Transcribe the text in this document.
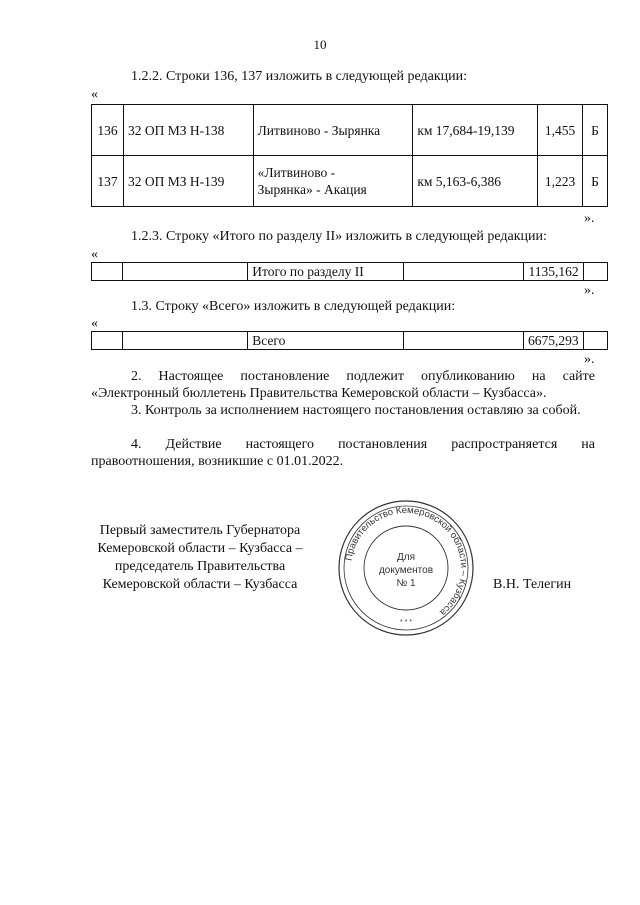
10
1.2.2. Строки 136, 137 изложить в следующей редакции:
«
136	32 ОП МЗ Н-138	Литвиново - Зырянка	км 17,684-19,139	1,455	Б
137	32 ОП МЗ Н-139	«Литвиново -
Зырянка» - Акация	км 5,163-6,386	1,223	Б
».
1.2.3. Строку «Итого по разделу II» изложить в следующей редакции:
«
		Итого по разделу II		1135,162	
».
1.3. Строку «Всего» изложить в следующей редакции:
«
		Всего		6675,293	
».
2. Настоящее постановление подлежит опубликованию на сайте «Электронный бюллетень Правительства Кемеровской области – Кузбасса».
3. Контроль за исполнением настоящего постановления оставляю за собой.
4. Действие настоящего постановления распространяется на правоотношения, возникшие с 01.01.2022.
Первый заместитель Губернатора
Кемеровской области – Кузбасса –
председатель Правительства
Кемеровской области – Кузбасса	В.Н. Телегин
Правительство Кемеровской области – Кузбасса
Для
документов
№ 1
* * *
